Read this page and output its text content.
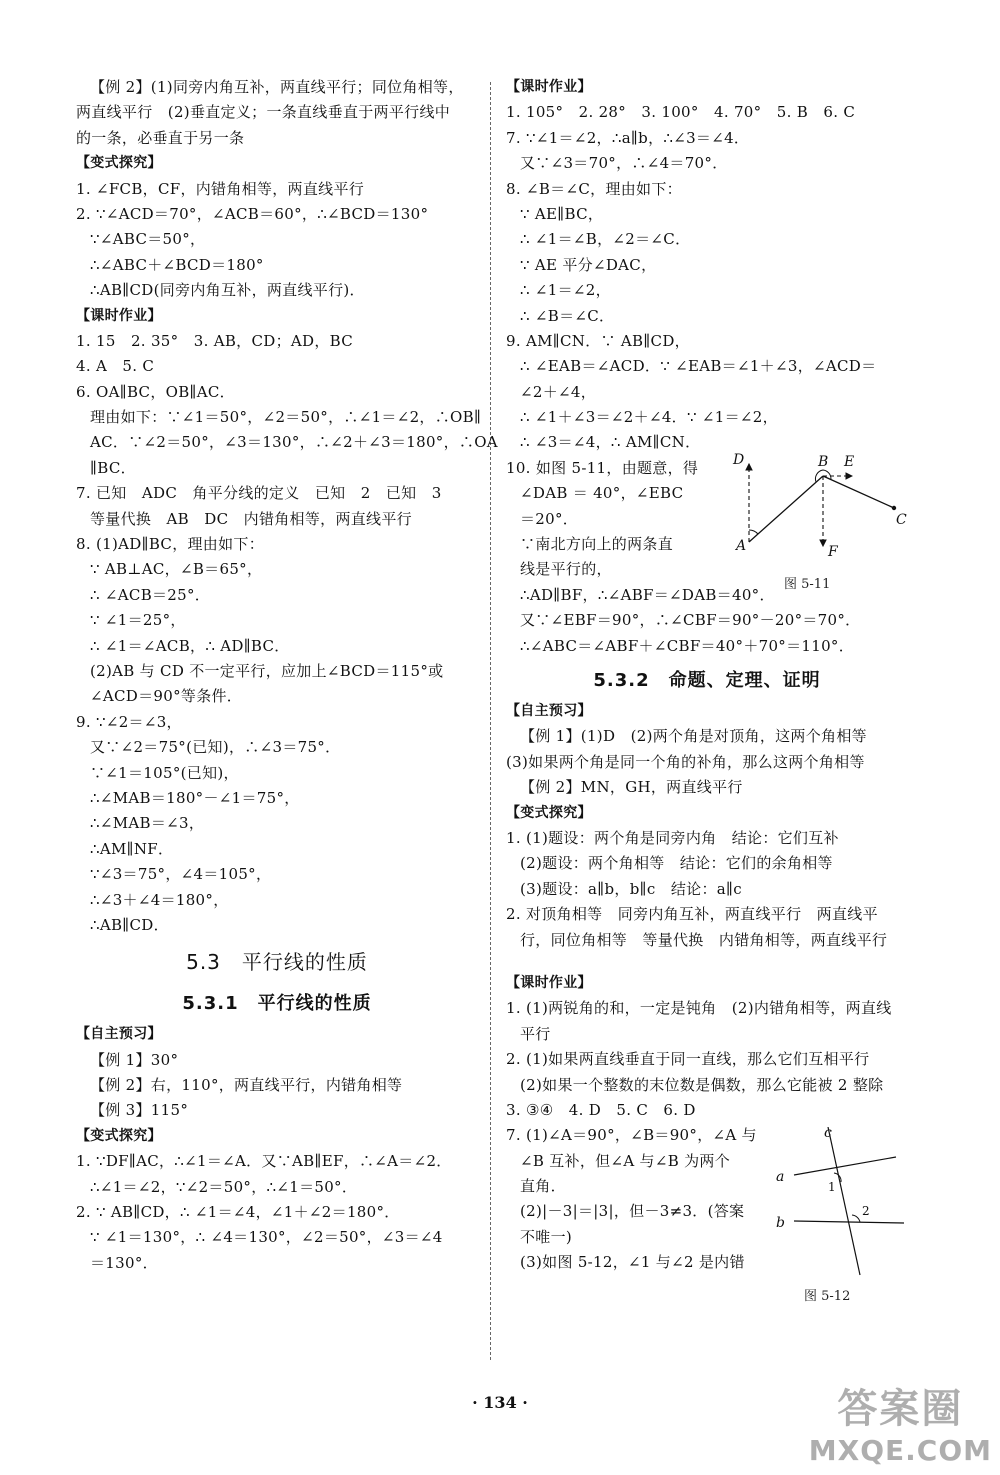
【例 2】(1)同旁内角互补，两直线平行；同位角相等，
两直线平行　(2)垂直定义；一条直线垂直于两平行线中
的一条，必垂直于另一条
【变式探究】
1. ∠FCB，CF，内错角相等，两直线平行
2. ∵∠ACD＝70°，∠ACB＝60°，∴∠BCD＝130°
∵∠ABC＝50°，
∴∠ABC＋∠BCD＝180°
∴AB∥CD(同旁内角互补，两直线平行)．
【课时作业】
1. 15　2. 35°　3. AB，CD；AD，BC
4. A　5. C
6. OA∥BC，OB∥AC．
理由如下：∵∠1＝50°，∠2＝50°，∴∠1＝∠2，∴OB∥
AC．∵∠2＝50°，∠3＝130°，∴∠2＋∠3＝180°，∴OA
∥BC．
7. 已知　ADC　角平分线的定义　已知　2　已知　3
等量代换　AB　DC　内错角相等，两直线平行
8. (1)AD∥BC，理由如下：
∵ AB⊥AC，∠B＝65°，
∴ ∠ACB＝25°．
∵ ∠1＝25°，
∴ ∠1＝∠ACB，∴ AD∥BC．
(2)AB 与 CD 不一定平行，应加上∠BCD＝115°或
∠ACD＝90°等条件．
9. ∵∠2＝∠3，
又∵∠2＝75°(已知)，∴∠3＝75°．
∵∠1＝105°(已知)，
∴∠MAB＝180°－∠1＝75°，
∴∠MAB＝∠3，
∴AM∥NF．
∵∠3＝75°，∠4＝105°，
∴∠3＋∠4＝180°，
∴AB∥CD．
5.3　平行线的性质
5.3.1　平行线的性质
【自主预习】
【例 1】30°
【例 2】右，110°，两直线平行，内错角相等
【例 3】115°
【变式探究】
1. ∵DF∥AC，∴∠1＝∠A．又∵AB∥EF，∴∠A＝∠2．
∴∠1＝∠2，∵∠2＝50°，∴∠1＝50°．
2. ∵ AB∥CD，∴ ∠1＝∠4，∠1＋∠2＝180°．
∵ ∠1＝130°，∴ ∠4＝130°，∠2＝50°，∠3＝∠4
＝130°．
【课时作业】
1. 105°　2. 28°　3. 100°　4. 70°　5. B　6. C
7. ∵∠1＝∠2，∴a∥b，∴∠3＝∠4．
又∵∠3＝70°，∴∠4＝70°．
8. ∠B＝∠C，理由如下：
∵ AE∥BC，
∴ ∠1＝∠B，∠2＝∠C．
∵ AE 平分∠DAC，
∴ ∠1＝∠2，
∴ ∠B＝∠C．
9. AM∥CN．∵ AB∥CD，
∴ ∠EAB＝∠ACD．∵ ∠EAB＝∠1＋∠3，∠ACD＝
∠2＋∠4，
∴ ∠1＋∠3＝∠2＋∠4．∵ ∠1＝∠2，
∴ ∠3＝∠4，∴ AM∥CN．
10. 如图 5-11，由题意，得
∠DAB ＝ 40°，∠EBC
＝20°．
∵南北方向上的两条直
线是平行的，
D	B E
C
A	F
图 5-11
∴AD∥BF，∴∠ABF＝∠DAB＝40°．
又∵∠EBF＝90°，∴∠CBF＝90°－20°＝70°．
∴∠ABC＝∠ABF＋∠CBF＝40°＋70°＝110°．
5.3.2　命题、定理、证明
【自主预习】
【例 1】(1)D　(2)两个角是对顶角，这两个角相等
(3)如果两个角是同一个角的补角，那么这两个角相等
【例 2】MN，GH，两直线平行
【变式探究】
1. (1)题设：两个角是同旁内角　结论：它们互补
(2)题设：两个角相等　结论：它们的余角相等
(3)题设：a∥b，b∥c　结论：a∥c
2. 对顶角相等　同旁内角互补，两直线平行　两直线平
行，同位角相等　等量代换　内错角相等，两直线平行
【课时作业】
1. (1)两锐角的和，一定是钝角　(2)内错角相等，两直线
平行
2. (1)如果两直线垂直于同一直线，那么它们互相平行
(2)如果一个整数的末位数是偶数，那么它能被 2 整除
3. ③④　4. D　5. C　6. D
7. (1)∠A＝90°，∠B＝90°，∠A 与
∠B 互补，但∠A 与∠B 为两个
直角．
(2)|－3|＝|3|，但－3≠3．(答案
不唯一)
(3)如图 5-12，∠1 与∠2 是内错
c
a
1
b
2
图 5-12
· 134 ·	答案圈
MXQE.COM
